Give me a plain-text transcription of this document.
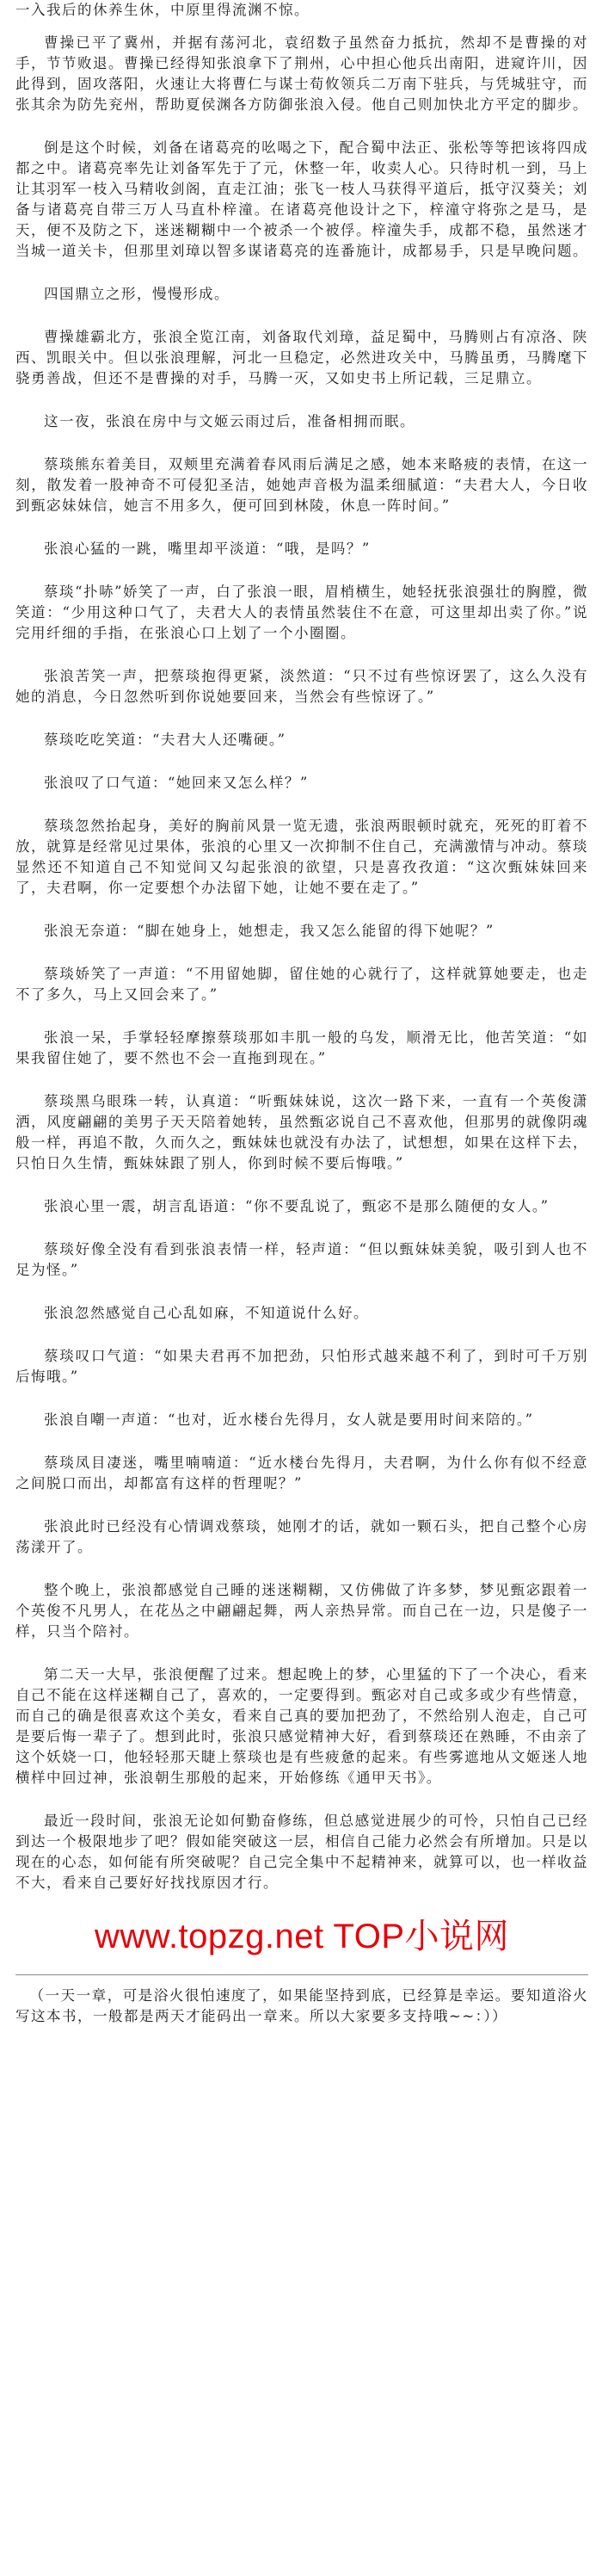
一入我后的休养生休，中原里得流渊不惊。

曹操已平了冀州，并据有荡河北，袁绍数子虽然奋力抵抗，然却不是曹操的对手，节节败退。曹操已经得知张浪拿下了荆州，心中担心他兵出南阳，进窥许川，因此得到，固攻落阳，火速让大将曹仁与谋士荀攸领兵二万南下驻兵，与凭城驻守，而张其余为防先兖州，帮助夏侯渊各方防御张浪入侵。他自己则加快北方平定的脚步。

倒是这个时候，刘备在诸葛亮的吆喝之下，配合蜀中法正、张松等等把该将四成都之中。诸葛亮率先让刘备军先于了元，休整一年，收卖人心。只待时机一到，马上让其羽军一枝入马精收剑阁，直走江油；张飞一枝人马获得平道后，抵守汉葵关；刘备与诸葛亮自带三万人马直朴梓潼。在诸葛亮他设计之下，梓潼守将弥之是马，是天，便不及防之下，迷迷糊糊中一个被杀一个被俘。梓潼失手，成都不稳，虽然迷才当城一道关卡，但那里刘璋以智多谋诸葛亮的连番施计，成都易手，只是早晚问题。

四国鼎立之形，慢慢形成。

曹操雄霸北方，张浪全览江南，刘备取代刘璋，益足蜀中，马腾则占有凉洛、陕西、凯眼关中。但以张浪理解，河北一旦稳定，必然进攻关中，马腾虽勇，马腾麾下骁勇善战，但还不是曹操的对手，马腾一灭，又如史书上所记载，三足鼎立。

这一夜，张浪在房中与文姬云雨过后，准备相拥而眠。

蔡琰熊东着美目，双颊里充满着春风雨后满足之感，她本来略疲的表情，在这一刻，散发着一股神奇不可侵犯圣洁，她她声音极为温柔细腻道：“夫君大人，今日收到甄宓妹妹信，她言不用多久，便可回到林陵，休息一阵时间。”

张浪心猛的一跳，嘴里却平淡道：“哦，是吗？”

蔡琰“扑哧”娇笑了一声，白了张浪一眼，眉梢横生，她轻抚张浪强壮的胸膛，微笑道：“少用这种口气了，夫君大人的表情虽然装住不在意，可这里却出卖了你。”说完用纤细的手指，在张浪心口上划了一个小圈圈。

张浪苦笑一声，把蔡琰抱得更紧，淡然道：“只不过有些惊讶罢了，这么久没有她的消息，今日忽然听到你说她要回来，当然会有些惊讶了。”

蔡琰吃吃笑道：“夫君大人还嘴硬。”

张浪叹了口气道：“她回来又怎么样？”

蔡琰忽然抬起身，美好的胸前风景一览无遗，张浪两眼顿时就充，死死的盯着不放，就算是经常见过果体，张浪的心里又一次抑制不住自己，充满激情与冲动。蔡琰显然还不知道自己不知觉间又勾起张浪的欲望，只是喜孜孜道：“这次甄妹妹回来了，夫君啊，你一定要想个办法留下她，让她不要在走了。”

张浪无奈道：“脚在她身上，她想走，我又怎么能留的得下她呢？”

蔡琰娇笑了一声道：“不用留她脚，留住她的心就行了，这样就算她要走，也走不了多久，马上又回会来了。”

张浪一呆，手掌轻轻摩擦蔡琰那如丰肌一般的乌发，顺滑无比，他苦笑道：“如果我留住她了，要不然也不会一直拖到现在。”

蔡琰黑乌眼珠一转，认真道：“听甄妹妹说，这次一路下来，一直有一个英俊潇洒，风度翩翩的美男子天天陪着她转，虽然甄宓说自己不喜欢他，但那男的就像阴魂般一样，再追不散，久而久之，甄妹妹也就没有办法了，试想想，如果在这样下去，只怕日久生情，甄妹妹跟了别人，你到时候不要后悔哦。”

张浪心里一震，胡言乱语道：“你不要乱说了，甄宓不是那么随便的女人。”

蔡琰好像全没有看到张浪表情一样，轻声道：“但以甄妹妹美貌，吸引到人也不足为怪。”

张浪忽然感觉自己心乱如麻，不知道说什么好。

蔡琰叹口气道：“如果夫君再不加把劲，只怕形式越来越不利了，到时可千万别后悔哦。”

张浪自嘲一声道：“也对，近水楼台先得月，女人就是要用时间来陪的。”

蔡琰凤目凄迷，嘴里喃喃道：“近水楼台先得月，夫君啊，为什么你有似不经意之间脱口而出，却都富有这样的哲理呢？”

张浪此时已经没有心情调戏蔡琰，她刚才的话，就如一颗石头，把自己整个心房荡漾开了。

整个晚上，张浪都感觉自己睡的迷迷糊糊，又仿佛做了许多梦，梦见甄宓跟着一个英俊不凡男人，在花丛之中翩翩起舞，两人亲热异常。而自己在一边，只是傻子一样，只当个陪衬。

第二天一大早，张浪便醒了过来。想起晚上的梦，心里猛的下了一个决心，看来自己不能在这样迷糊自己了，喜欢的，一定要得到。甄宓对自己或多或少有些情意，而自己的确是很喜欢这个美女，看来自己真的要加把劲了，不然给别人泡走，自己可是要后悔一辈子了。想到此时，张浪只感觉精神大好，看到蔡琰还在熟睡，不由亲了这个妖娆一口，他轻轻那天睫上蔡琰也是有些疲惫的起来。有些雾遮地从文姬迷人地横样中回过神，张浪朝生那般的起来，开始修练《通甲天书》。

最近一段时间，张浪无论如何勤奋修练，但总感觉进展少的可怜，只怕自己已经到达一个极限地步了吧？假如能突破这一层，相信自己能力必然会有所增加。只是以现在的心态，如何能有所突破呢？自己完全集中不起精神来，就算可以，也一样收益不大，看来自己要好好找找原因才行。

www.topzg.net TOP小说网

（一天一章，可是浴火很怕速度了，如果能坚持到底，已经算是幸运。要知道浴火写这本书，一般都是两天才能码出一章来。所以大家要多支持哦~~：））
